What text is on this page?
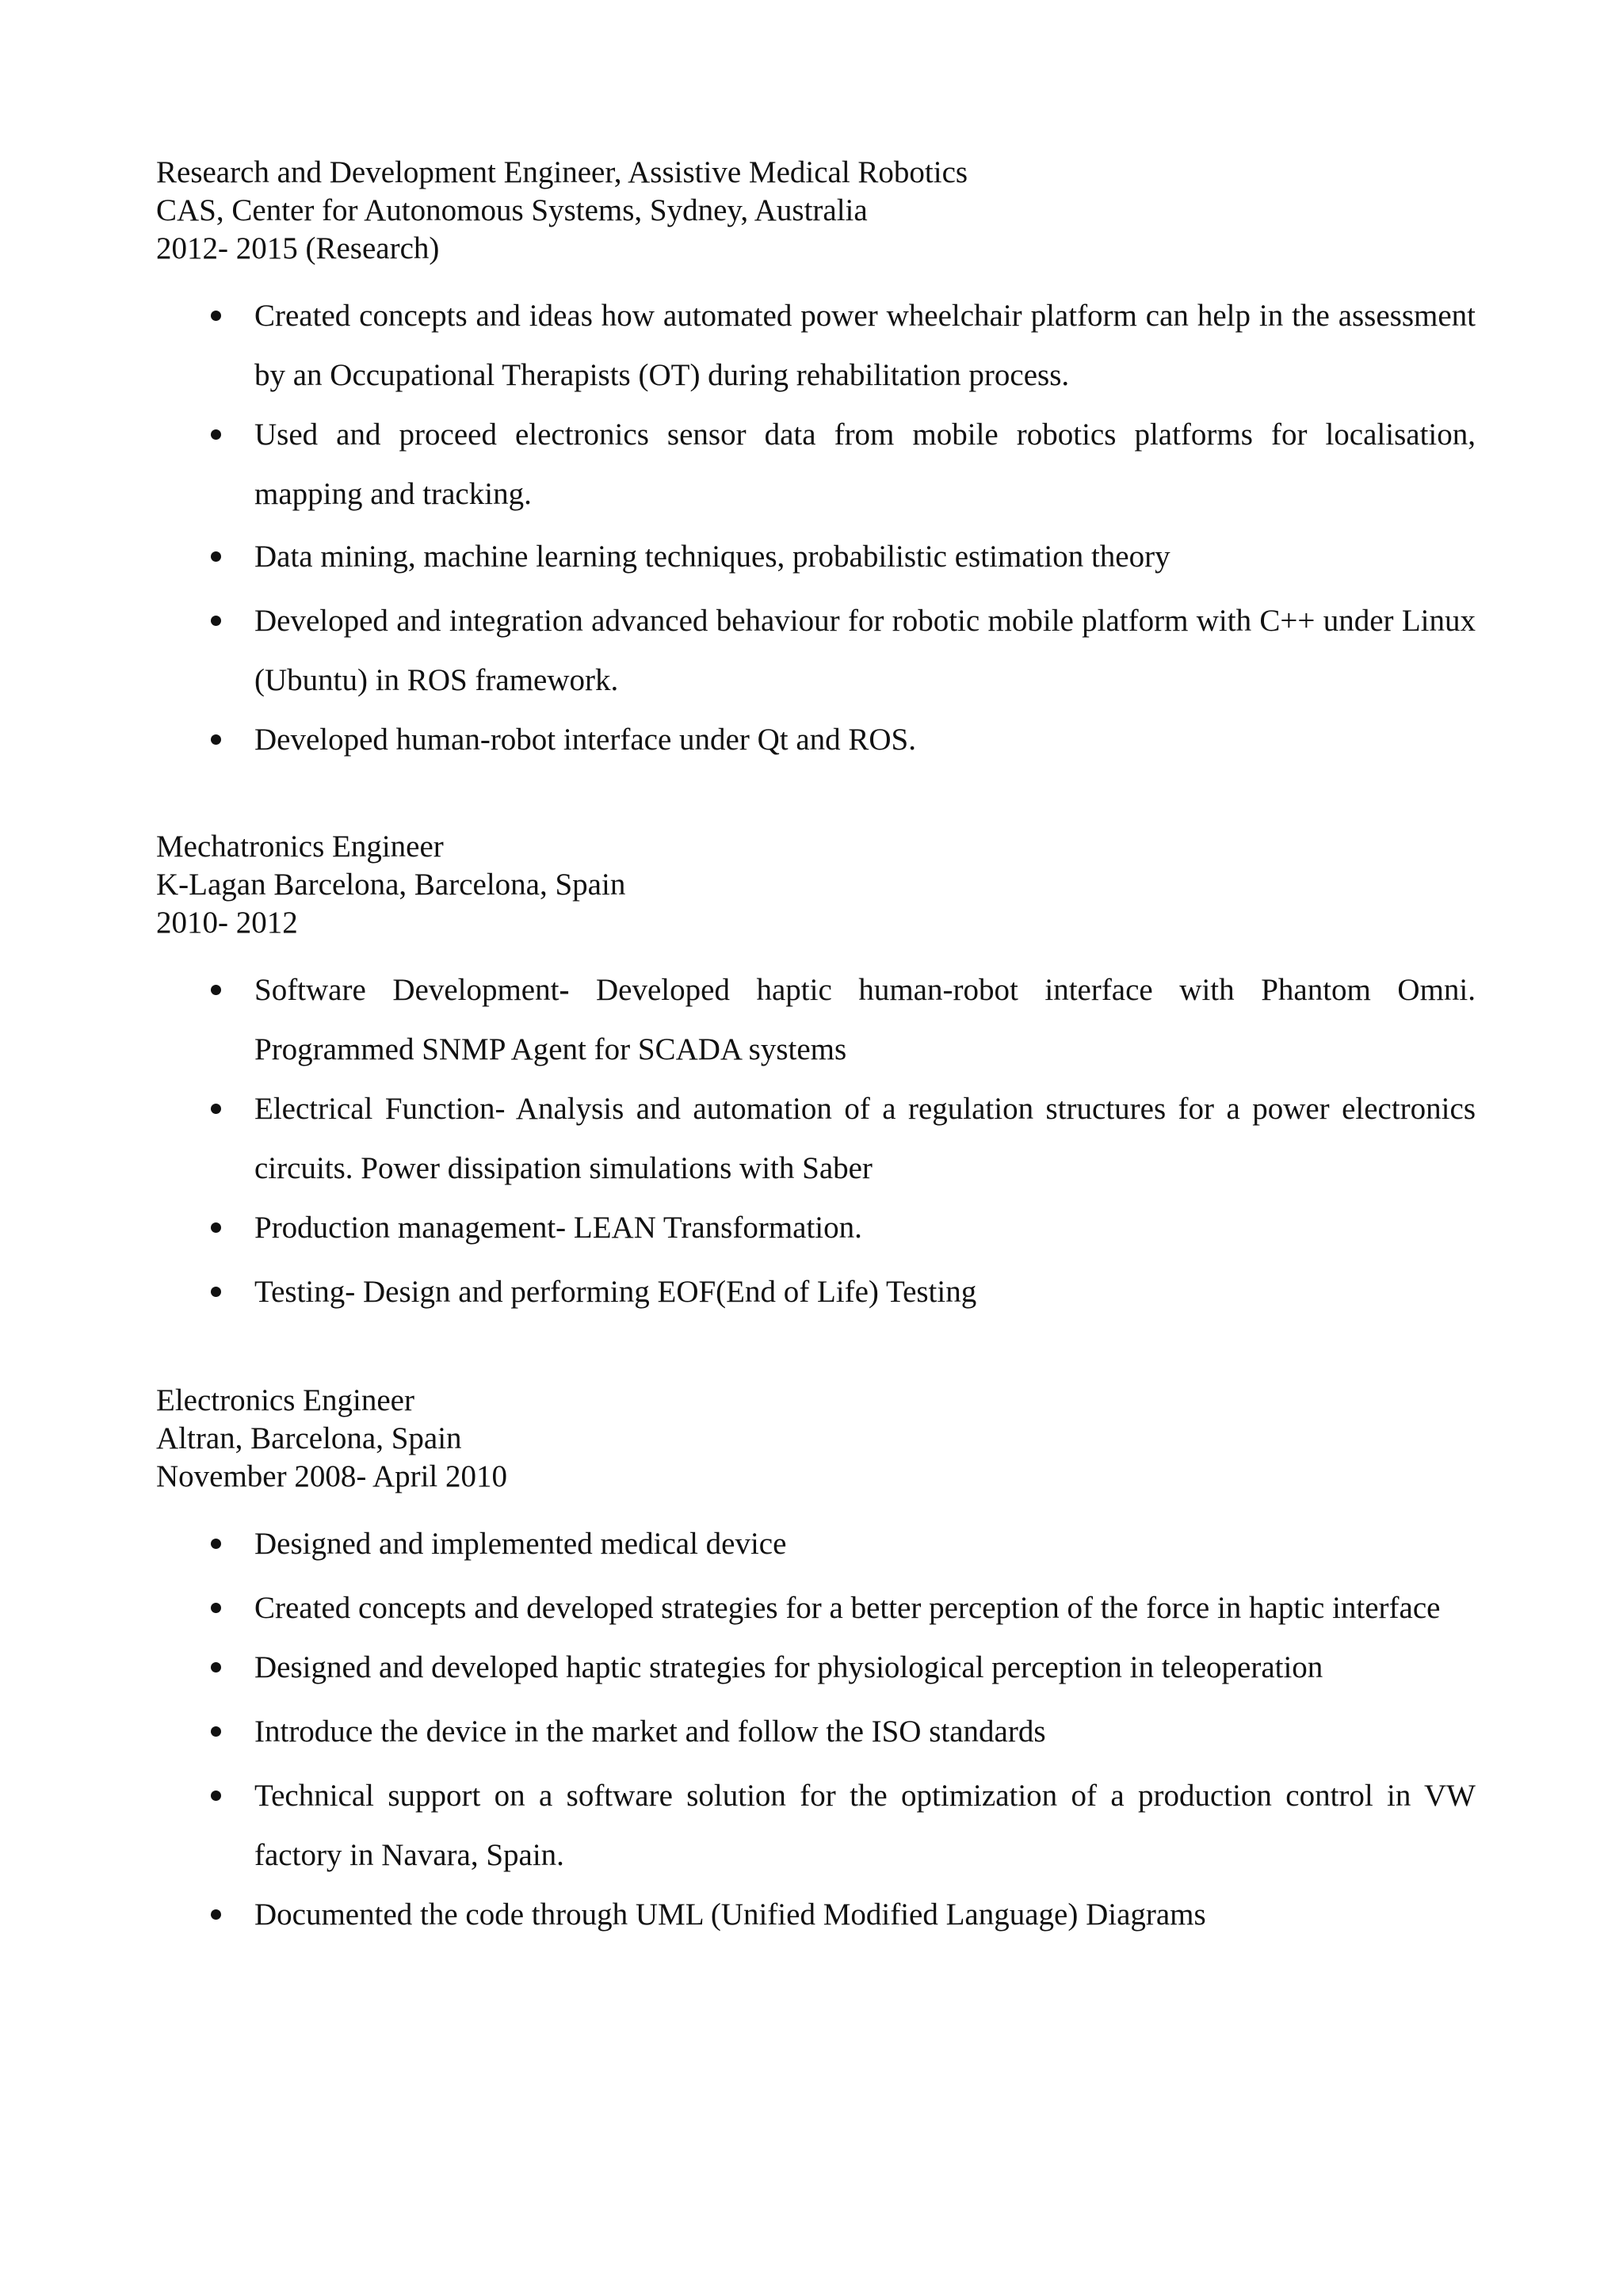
Research and Development Engineer, Assistive Medical Robotics
CAS, Center for Autonomous Systems, Sydney, Australia
2012- 2015 (Research)
Created concepts and ideas how automated power wheelchair platform can help in the assessment by an Occupational Therapists (OT) during rehabilitation process.
Used and proceed electronics sensor data from mobile robotics platforms for localisation, mapping and tracking.
Data mining, machine learning techniques, probabilistic estimation theory
Developed and integration advanced behaviour for robotic mobile platform with C++ under Linux (Ubuntu) in ROS framework.
Developed human-robot interface under Qt and ROS.
Mechatronics Engineer
K-Lagan Barcelona, Barcelona, Spain
2010- 2012
Software Development- Developed haptic human-robot interface with Phantom Omni. Programmed SNMP Agent for SCADA systems
Electrical Function- Analysis and automation of a regulation structures for a power electronics circuits. Power dissipation simulations with Saber
Production management- LEAN Transformation.
Testing- Design and performing EOF(End of Life) Testing
Electronics Engineer
Altran, Barcelona, Spain
November 2008- April 2010
Designed and implemented medical device
Created concepts and developed strategies for a better perception of the force in haptic interface
Designed and developed haptic strategies for physiological perception in teleoperation
Introduce the device in the market and follow the ISO standards
Technical support on a software solution for the optimization of a production control in VW factory in Navara, Spain.
Documented the code through UML (Unified Modified Language) Diagrams
